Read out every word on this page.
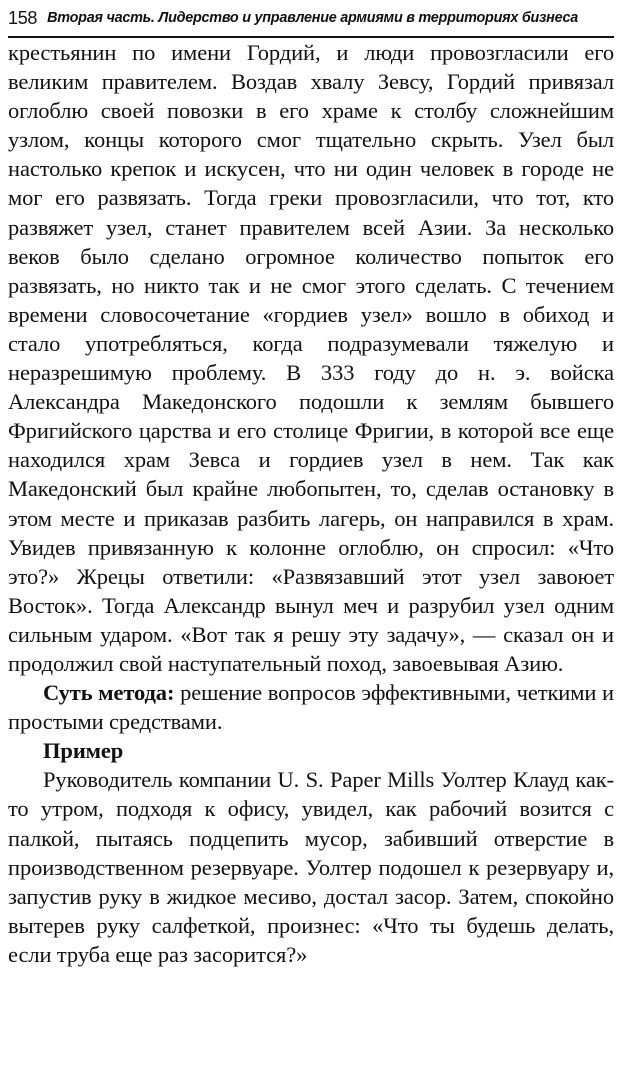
158 Вторая часть. Лидерство и управление армиями в территориях бизнеса

крестьянин по имени Гордий, и люди провозгласили его великим правителем. Воздав хвалу Зевсу, Гордий привязал оглоблю своей повозки в его храме к столбу сложнейшим узлом, концы которого смог тщательно скрыть. Узел был настолько крепок и искусен, что ни один человек в городе не мог его развязать. Тогда греки провозгласили, что тот, кто развяжет узел, станет правителем всей Азии. За несколько веков было сделано огромное количество попыток его развязать, но никто так и не смог этого сделать. С течением времени словосочетание «гордиев узел» вошло в обиход и стало употребляться, когда подразумевали тяжелую и неразрешимую проблему. В 333 году до н. э. войска Александра Македонского подошли к землям бывшего Фригийского царства и его столице Фригии, в которой все еще находился храм Зевса и гордиев узел в нем. Так как Македонский был крайне любопытен, то, сделав остановку в этом месте и приказав разбить лагерь, он направился в храм. Увидев привязанную к колонне оглоблю, он спросил: «Что это?» Жрецы ответили: «Развязавший этот узел завоюет Восток». Тогда Александр вынул меч и разрубил узел одним сильным ударом. «Вот так я решу эту задачу», — сказал он и продолжил свой наступательный поход, завоевывая Азию.

Суть метода: решение вопросов эффективными, четкими и простыми средствами.

Пример

Руководитель компании U. S. Paper Mills Уолтер Клауд как-то утром, подходя к офису, увидел, как рабочий возится с палкой, пытаясь подцепить мусор, забивший отверстие в производственном резервуаре. Уолтер подошел к резервуару и, запустив руку в жидкое месиво, достал засор. Затем, спокойно вытерев руку салфеткой, произнес: «Что ты будешь делать, если труба еще раз засорится?»
